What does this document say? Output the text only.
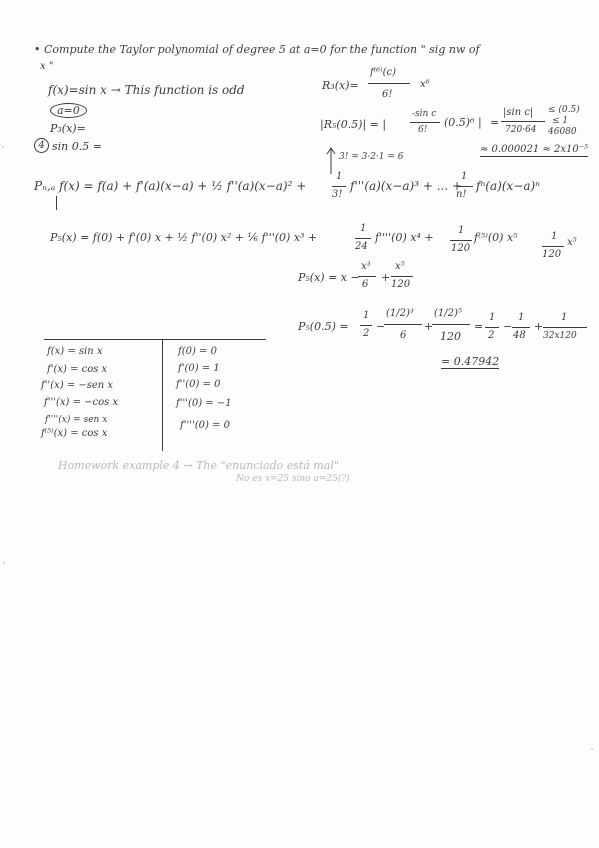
• Compute the Taylor polynomial of degree 5 at a=0 for the function " sig nw of
x "
f(x)=sin x → This function is odd
a=0
P₃(x)=
4 sin 0.5 =
R₃(x)=
f⁽⁶⁾(c)
6!
x⁶
|R₅(0.5)| = |
-sin c
6!
(0.5)⁶ | =
|sin c|
720·64
≤ (0.5)
≤ 1
46080
≈ 0.000021 ≈ 2x10⁻⁵
3! = 3·2·1 = 6
Pₙ,ₐ f(x) = f(a) + f'(a)(x−a) + ½ f''(a)(x−a)² +
1
3!
f'''(a)(x−a)³ + ... +
1
n!
fⁿ(a)(x−a)ⁿ
P₅(x) = f(0) + f'(0) x + ½ f''(0) x² + ⅙ f'''(0) x³ +
1
24
f''''(0) x⁴ +
1
120
f⁽⁵⁾(0) x⁵	1
120
x⁵
P₅(x) = x −
x³
6
+
x⁵
120
P₅(0.5) =
1
2
−
(1/2)³
6
+
(1/2)⁵
120
=
1
2
−
1
48
+
1
32x120
= 0.47942
f(x) = sin x
f'(x) = cos x
f''(x) = −sen x
f'''(x) = −cos x
f''''(x) = sen x
f⁽⁵⁾(x) = cos x
f(0) = 0
f'(0) = 1
f''(0) = 0
f'''(0) = −1
f''''(0) = 0
Homework example 4 → The "enunciado está mal"
No es x=25 sino a=25(?)
